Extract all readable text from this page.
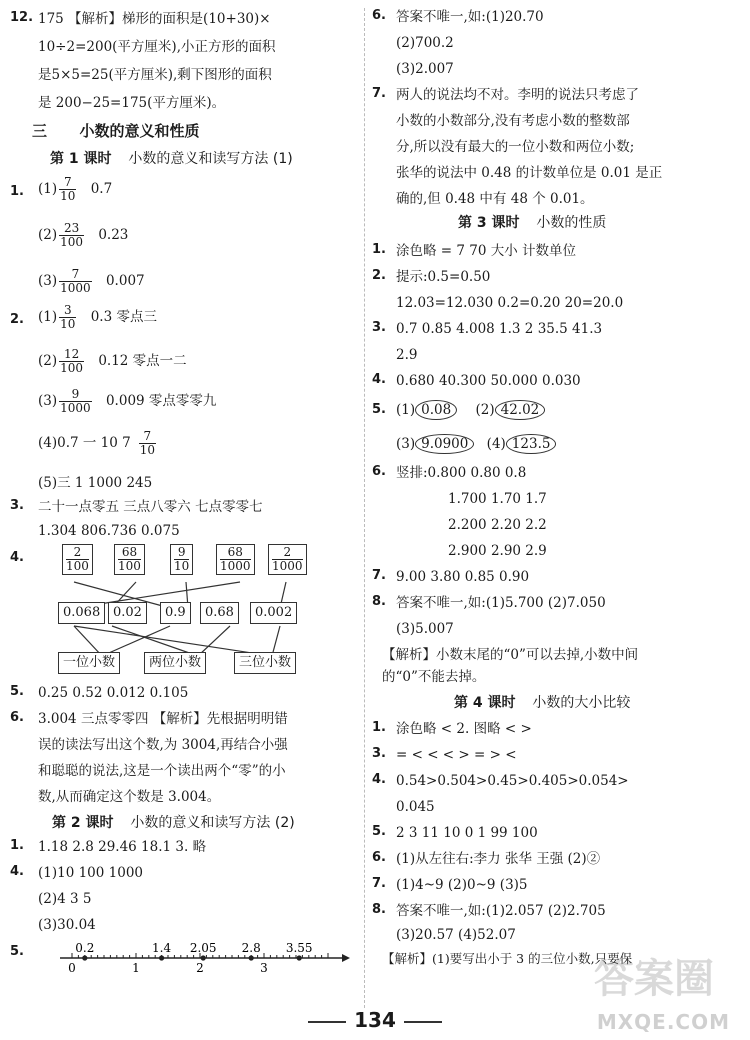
12. 175 【解析】梯形的面积是(10+30)×
10÷2=200(平方厘米),小正方形的面积
是5×5=25(平方厘米),剩下图形的面积
是 200−25=175(平方厘米)。
三 小数的意义和性质
第 1 课时 小数的意义和读写方法 (1)
1. $(1) \frac{7}{10} 0.7$
$(2) \frac{23}{100} 0.23$
$(3) \frac{7}{1000} 0.007$
2. $(1) \frac{3}{10} 0.3$ 零点三
$(2) \frac{12}{100} 0.12$ 零点一二
$(3) \frac{9}{1000} 0.009$ 零点零零九
(4)0.7 一 10 $7 \frac{7}{10}$
(5)三 1 1000 245
3. 二十一点零五 三点八零六 七点零零七
1.304 806.736 0.075
4.	2
100
68
100
9
10
68
1000
2
1000
0.068 0.02	0.9	0.68	0.002
一位小数	两位小数	三位小数
5. 0.25 0.52 0.012 0.105
6. 3.004 三点零零四 【解析】先根据明明错
误的读法写出这个数,为 3004,再结合小强
和聪聪的说法,这是一个读出两个“零”的小
数,从而确定这个数是 3.004。
第 2 课时 小数的意义和读写方法 (2)
1. 1.18 2.8 29.46 18.1 3. 略
4. (1)10 100 1000
(2)4 3 5
(3)30.04
5.
0	1	2	3
0.2	1.4 2.05 2.8 3.55
6. 答案不唯一,如:(1)20.70
(2)700.2
(3)2.007
7. 两人的说法均不对。李明的说法只考虑了
小数的小数部分,没有考虑小数的整数部
分,所以没有最大的一位小数和两位小数;
张华的说法中 0.48 的计数单位是 0.01 是正
确的,但 0.48 中有 48 个 0.01。
第 3 课时 小数的性质
1. 涂色略 = 7 70 大小 计数单位
2. 提示:0.5=0.50
12.03=12.030 0.2=0.20 20=20.0
3. 0.7 0.85 4.008 1.3 2 35.5 41.3
2.9
4. 0.680 40.300 50.000 0.030
5. (1) 0.08 (2) 42.02
(3) 9.0900 (4) 123.5
6. 竖排:0.800 0.80 0.8
1.700 1.70 1.7
2.200 2.20 2.2
2.900 2.90 2.9
7. 9.00 3.80 0.85 0.90
8. 答案不唯一,如:(1)5.700 (2)7.050
(3)5.007
【解析】小数末尾的“0”可以去掉,小数中间
的“0”不能去掉。
第 4 课时 小数的大小比较
1. 涂色略 < 2. 图略 < >
3. = < < < > = > <
4. 0.54>0.504>0.45>0.405>0.054>
0.045
5. 2 3 11 10 0 1 99 100
6. (1)从左往右:李力 张华 王强 (2)②
7. (1)4~9 (2)0~9 (3)5
8. 答案不唯一,如:(1)2.057 (2)2.705
(3)20.57 (4)52.07
【解析】(1)要写出小于 3 的三位小数,只要保
134
答案圈
MXQE.COM
